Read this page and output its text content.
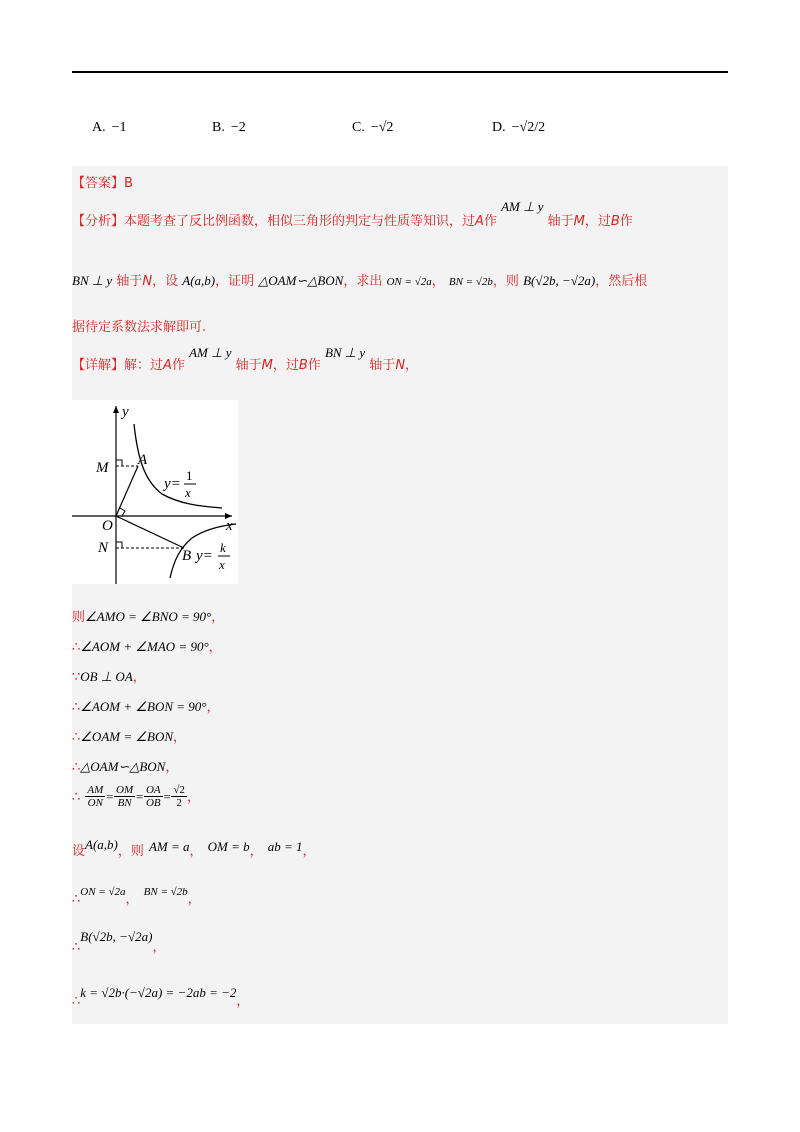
A. −1	B. −2	C. −√2	D. −√2/2
【答案】B
【分析】本题考查了反比例函数，相似三角形的判定与性质等知识，过A作 AM ⊥ y 轴于M，过B作
BN ⊥ y 轴于N，设 A(a,b)，证明 △OAM∽△BON，求出 ON = √2a， BN = √2b，则 B(√2b, −√2a)，然后根
据待定系数法求解即可.
【详解】解：过A作 AM ⊥ y 轴于M，过B作 BN ⊥ y 轴于N，
y
x
M A
O
N	B
y=
1
x
y=
k
x
则∠AMO = ∠BNO = 90°，
∴∠AOM + ∠MAO = 90°，
∵OB ⊥ OA，
∴∠AOM + ∠BON = 90°，
∴∠OAM = ∠BON，
∴△OAM∽△BON，
∴ $\frac{AM}{ON} = \frac{OM}{BN} = \frac{OA}{OB} = \frac{√2}{2}$ ，
设$^{A(a,b)}$，则 $^{AM = a}$， $^{OM = b}$， $^{ab = 1}$，
∴$^{ON = √2a}$， $^{BN = √2b}$，
∴$^{B(√2b, -√2a)}$，
∴$^{k = √2b\cdot(-√2a) = -2ab = -2}$，
